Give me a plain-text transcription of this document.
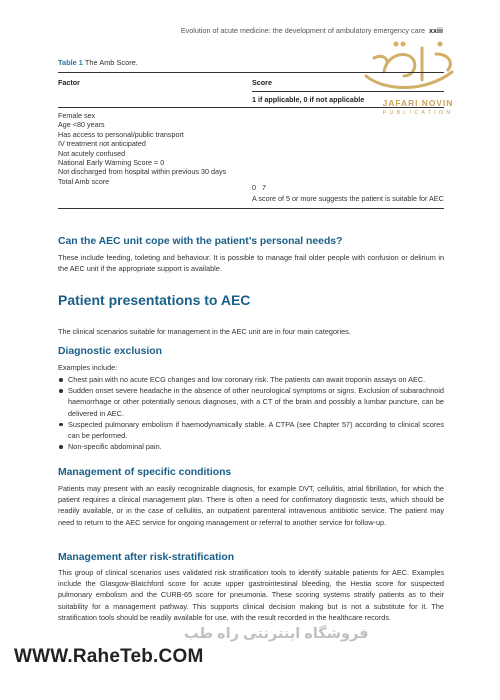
Evolution of acute medicine: the development of ambulatory emergency care xxiii
JAFARI NOVIN
PUBLICATION
Table 1 The Amb Score.
Factor	Score
1 if applicable, 0 if not applicable
Female sex
Age <80 years
Has access to personal/public transport
IV treatment not anticipated
Not acutely confused
National Early Warning Score = 0
Not discharged from hospital within previous 30 days
Total Amb score
0   7
A score of 5 or more suggests the patient is suitable for AEC
Can the AEC unit cope with the patient’s personal needs?
These include feeding, toileting and behaviour. It is possible to manage frail older people with confusion or delirium in the AEC unit if the appropriate support is available.
Patient presentations to AEC
The clinical scenarios suitable for management in the AEC unit are in four main categories.
Diagnostic exclusion
Examples include:
Chest pain with no acute ECG changes and low coronary risk. The patients can await troponin assays on AEC.
Sudden onset severe headache in the absence of other neurological symptoms or signs. Exclusion of subarachnoid haemorrhage or other potentially serious diagnoses, with a CT of the brain and possibly a lumbar puncture, can be delivered in AEC.
Suspected pulmonary embolism if haemodynamically stable. A CTPA (see Chapter 57) according to clinical scores can be performed.
Non-specific abdominal pain.
Management of specific conditions
Patients may present with an easily recognizable diagnosis, for example DVT, cellulitis, atrial fibrillation, for which the patient requires a clinical management plan. There is often a need for confirmatory diagnostic tests, which should be readily available, or in the case of cellulitis, an outpatient parenteral intravenous antibiotic service. The patient may need to return to the AEC service for ongoing management or referral to another service for follow-up.
Management after risk-stratification
This group of clinical scenarios uses validated risk stratification tools to identify suitable patients for AEC. Examples include the Glasgow-Blatchford score for acute upper gastrointestinal bleeding, the Hestia score for suspected pulmonary embolism and the CURB-65 score for pneumonia. These scoring systems stratify patients as to their suitability for a management pathway. This supports clinical decision making but is not a substitute for it. The stratification tools should be readily available for use, with the result recorded in the healthcare records.
فروشگاه اینترنتی راه طب
WWW.RaheTeb.COM
